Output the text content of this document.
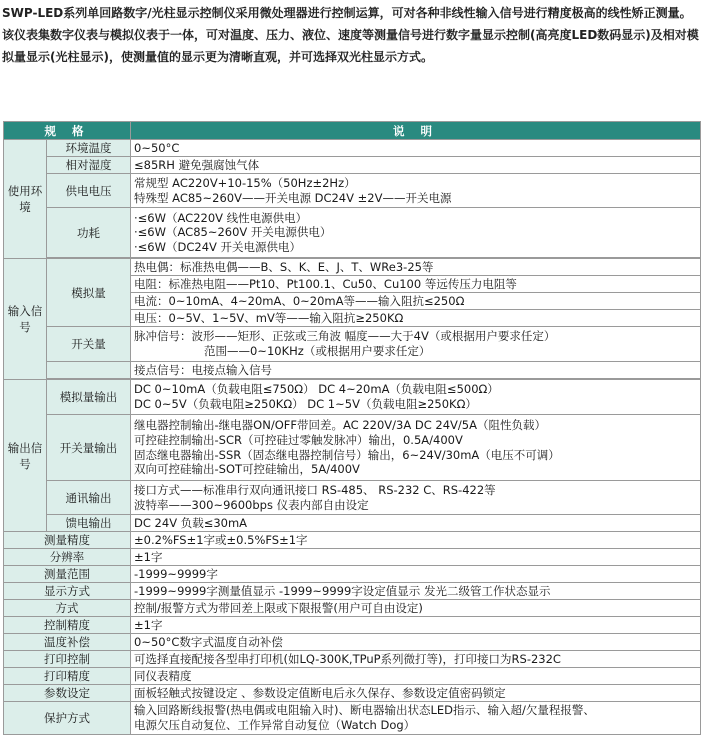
SWP-LED系列单回路数字/光柱显示控制仪采用微处理器进行控制运算，可对各种非线性输入信号进行精度极高的线性矫正测量。该仪表集数字仪表与模拟仪表于一体，可对温度、压力、液位、速度等测量信号进行数字量显示控制(高亮度LED数码显示)及相对模拟量显示(光柱显示)，使测量值的显示更为清晰直观，并可选择双光柱显示方式。
规 格		说 明
使用环境	环境温度	0~50°C
	相对湿度	≤85RH 避免强腐蚀气体
	供电电压	常规型 AC220V+10-15%（50Hz±2Hz）
特殊型 AC85~260V——开关电源 DC24V ±2V——开关电源

	功耗	·≤6W（AC220V 线性电源供电）
·≤6W（AC85~260V 开关电源供电）
·≤6W（DC24V 开关电源供电）

输入信号	模拟量	热电偶：标准热电偶——B、S、K、E、J、T、WRe3-25等
		电阻：标准热电阻——Pt10、Pt100.1、Cu50、Cu100 等远传压力电阻等
		电流：0~10mA、4~20mA、0~20mA等——输入阻抗≤250Ω
		电压：0~5V、1~5V、mV等——输入阻抗≥250KΩ
	开关量	脉冲信号：波形——矩形、正弦或三角波 幅度——大于4V（或根据用户要求任定）
范围——0~10KHz（或根据用户要求任定）

		接点信号：电接点输入信号

输出信号	模拟量输出	DC 0~10mA（负载电阻≤750Ω） DC 4~20mA（负载电阻≤500Ω）
DC 0~5V（负载电阻≥250KΩ） DC 1~5V（负载电阻≥250KΩ）

	开关量输出	继电器控制输出-继电器ON/OFF带回差。AC 220V/3A DC 24V/5A（阻性负载）
可控硅控制输出-SCR（可控硅过零触发脉冲）输出，0.5A/400V
固态继电器输出-SSR（固态继电器控制信号）输出，6~24V/30mA（电压不可调）
双向可控硅输出-SOT可控硅输出，5A/400V

	通讯输出	接口方式——标准串行双向通讯接口 RS-485、 RS-232 C、RS-422等
波特率——300~9600bps 仪表内部自由设定

	馈电输出	DC 24V 负载≤30mA
测量精度		±0.2%FS±1字或±0.5%FS±1字
分辨率		±1字
测量范围		-1999~9999字
显示方式		-1999~9999字测量值显示 -1999~9999字设定值显示 发光二级管工作状态显示
方式		控制/报警方式为带回差上限或下限报警(用户可自由设定)
控制精度		±1字
温度补偿		0~50°C数字式温度自动补偿
打印控制		可选择直接配接各型串打印机(如LQ-300K,TPuP系列微打等)，打印接口为RS-232C
打印精度		同仪表精度
参数设定		面板轻触式按键设定 、参数设定值断电后永久保存、参数设定值密码锁定
保护方式		输入回路断线报警(热电偶或电阻输入时)、断电器输出状态LED指示、输入超/欠量程报警、
电源欠压自动复位、工作异常自动复位（Watch Dog）
